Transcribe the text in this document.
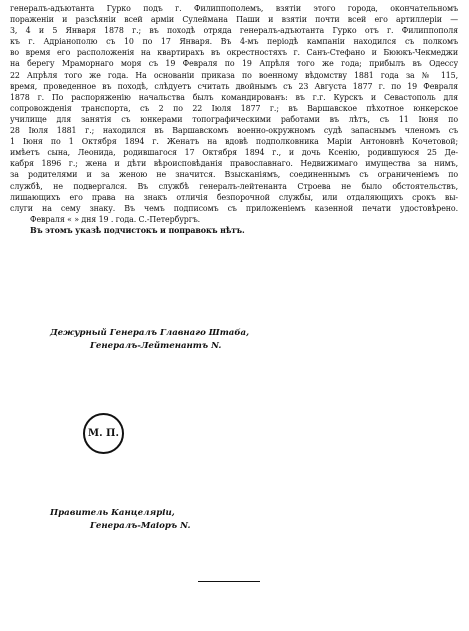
генералъ-адъютанта Гурко подъ г. Филиппополемъ, взятіи этого города, окончательномъ
пораженіи и разсѣяніи всей арміи Сулеймана Паши и взятіи почти всей его артиллеріи —
3, 4 и 5 Января 1878 г.; въ походѣ отряда генералъ-адъютанта Гурко отъ г. Филиппополя
къ г. Адріанополю съ 10 по 17 Января. Въ 4-мъ періодѣ кампаніи находился съ полкомъ
во время его расположенія на квартирахъ въ окрестностяхъ г. Санъ-Стефано и Бююкъ-Чекмеджи
на берегу Мраморнаго моря съ 19 Февраля по 19 Апрѣля того же года; прибылъ въ Одессу
22 Апрѣля того же года. На основаніи приказа по военному вѣдомству 1881 года за № 115,
время, проведенное въ походѣ, слѣдуетъ считать двойнымъ съ 23 Августа 1877 г. по 19 Февраля
1878 г. По распоряженію начальства былъ командированъ: въ г.г. Курскъ и Севастополь для
сопровожденія транспорта, съ 2 по 22 Іюля 1877 г.; въ Варшавское пѣхотное юнкерское
училище для занятія съ юнкерами топографическими работами въ лѣтъ, съ 11 Іюня по
28 Іюля 1881 г.; находился въ Варшавскомъ военно-окружномъ судѣ запаснымъ членомъ съ
1 Іюня по 1 Октября 1894 г. Женатъ на вдовѣ подполковника Маріи Антоновнѣ Кочетовой;
имѣетъ сына, Леонида, родившагося 17 Октября 1894 г., и дочь Ксенію, родившуюся 25 Де-
кабря 1896 г.; жена и дѣти вѣроисповѣданія православнаго. Недвижимаго имущества за нимъ,
за родителями и за женою не значится. Взысканіямъ, соединеннымъ съ ограниченіемъ по
службѣ, не подвергался. Въ службѣ генералъ-лейтенанта Строева не было обстоятельствъ,
лишающихъ его права на знакъ отличія безпорочной службы, или отдаляющихъ срокъ вы-
слуги на сему знаку. Въ чемъ подписомъ съ приложеніемъ казенной печати удостовѣрено.
Февраля « » дня 19 . года. С.-Петербургъ.
Въ этомъ указѣ подчистокъ и поправокъ нѣтъ.
Дежурный Генералъ Главнаго Штаба,
Генералъ-Лейтенантъ N.
М. П.
Правитель Канцеляріи,
Генералъ-Маіоръ N.
